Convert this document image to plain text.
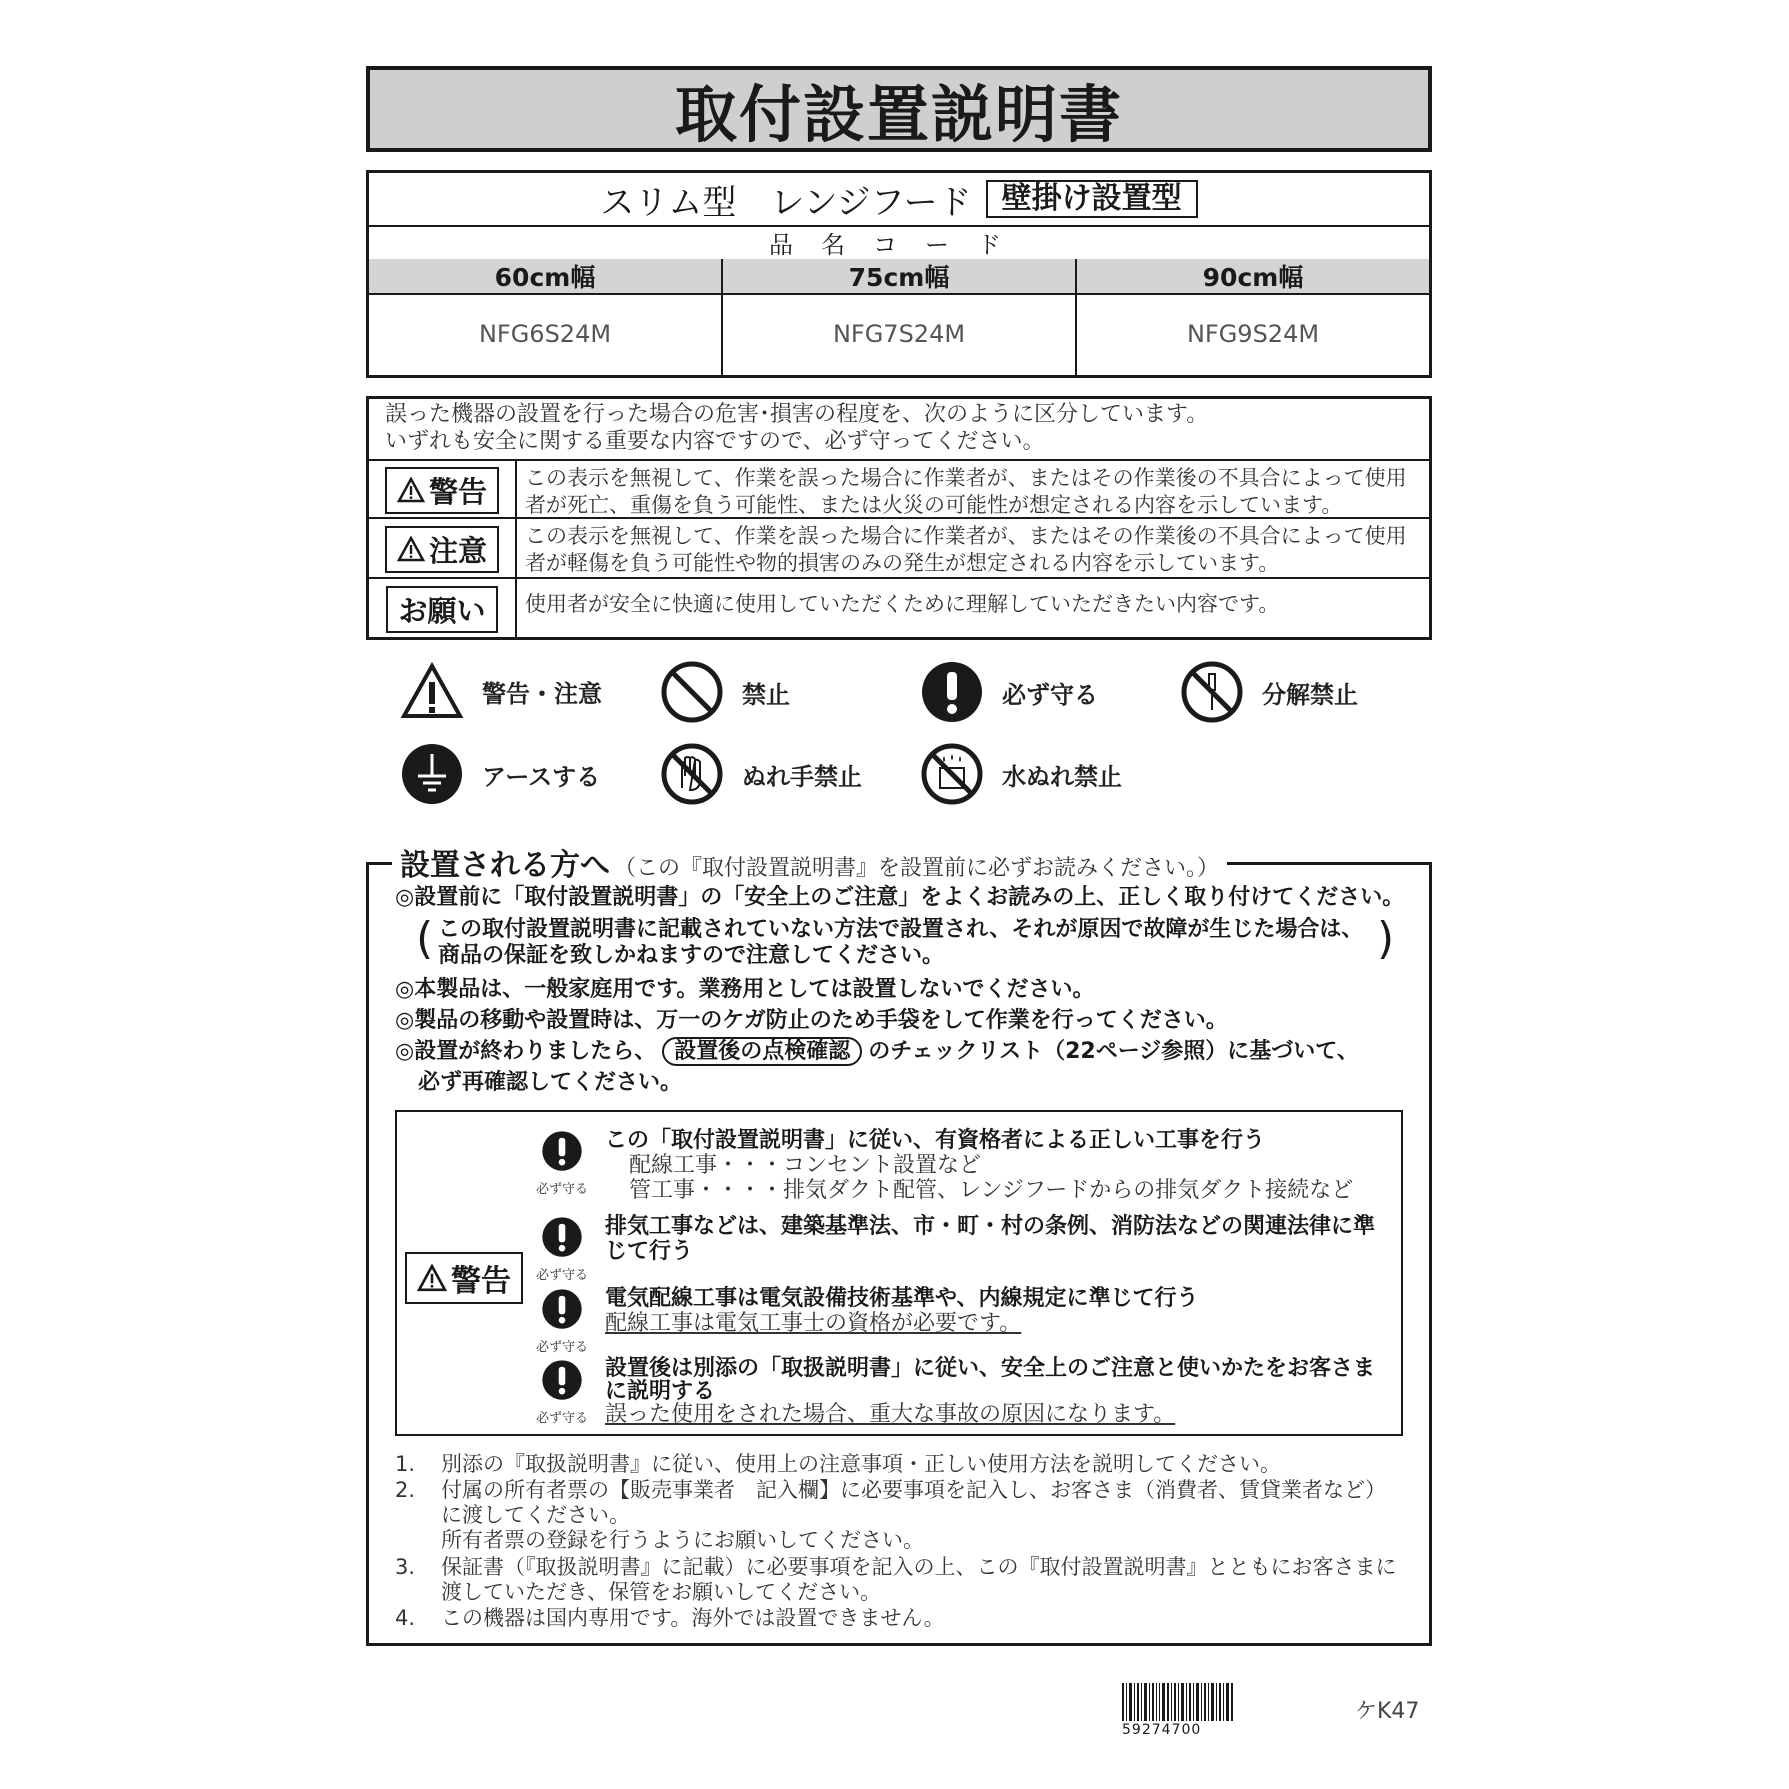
取付設置説明書
スリム型　レンジフード	壁掛け設置型
品名コード
60cm幅	75cm幅	90cm幅
NFG6S24M	NFG7S24M	NFG9S24M
誤った機器の設置を行った場合の危害･損害の程度を、次のように区分しています。
いずれも安全に関する重要な内容ですので、必ず守ってください。
警告 この表示を無視して、作業を誤った場合に作業者が、またはその作業後の不具合によって使用者が死亡、重傷を負う可能性、または火災の可能性が想定される内容を示しています。
注意 この表示を無視して、作業を誤った場合に作業者が、またはその作業後の不具合によって使用者が軽傷を負う可能性や物的損害のみの発生が想定される内容を示しています。
お願い 使用者が安全に快適に使用していただくために理解していただきたい内容です。
警告・注意	禁止	必ず守る	分解禁止
アースする	ぬれ手禁止	水ぬれ禁止
設置される方へ （この『取付設置説明書』を設置前に必ずお読みください。）
◎設置前に「取付設置説明書」の「安全上のご注意」をよくお読みの上、正しく取り付けてください。
( この取付設置説明書に記載されていない方法で設置され、それが原因で故障が生じた場合は、
商品の保証を致しかねますので注意してください。	)
◎本製品は、一般家庭用です。業務用としては設置しないでください。
◎製品の移動や設置時は、万一のケガ防止のため手袋をして作業を行ってください。
◎設置が終わりましたら、 設置後の点検確認 のチェックリスト（22ページ参照）に基づいて、
必ず再確認してください。
警告
必ず守る
この「取付設置説明書」に従い、有資格者による正しい工事を行う
配線工事・・・コンセント設置など
管工事・・・・排気ダクト配管、レンジフードからの排気ダクト接続など
必ず守る
排気工事などは、建築基準法、市・町・村の条例、消防法などの関連法律に準じて行う
必ず守る
電気配線工事は電気設備技術基準や、内線規定に準じて行う
配線工事は電気工事士の資格が必要です。
必ず守る
設置後は別添の「取扱説明書」に従い、安全上のご注意と使いかたをお客さまに説明する
誤った使用をされた場合、重大な事故の原因になります。
1. 別添の『取扱説明書』に従い、使用上の注意事項・正しい使用方法を説明してください。
2.	付属の所有者票の【販売事業者　記入欄】に必要事項を記入し、お客さま（消費者、賃貸業者など）に渡してください。
所有者票の登録を行うようにお願いしてください。
3.	保証書（『取扱説明書』に記載）に必要事項を記入の上、この『取付設置説明書』とともにお客さまに渡していただき、保管をお願いしてください。
4. この機器は国内専用です。海外では設置できません。
59274700
ケK47
